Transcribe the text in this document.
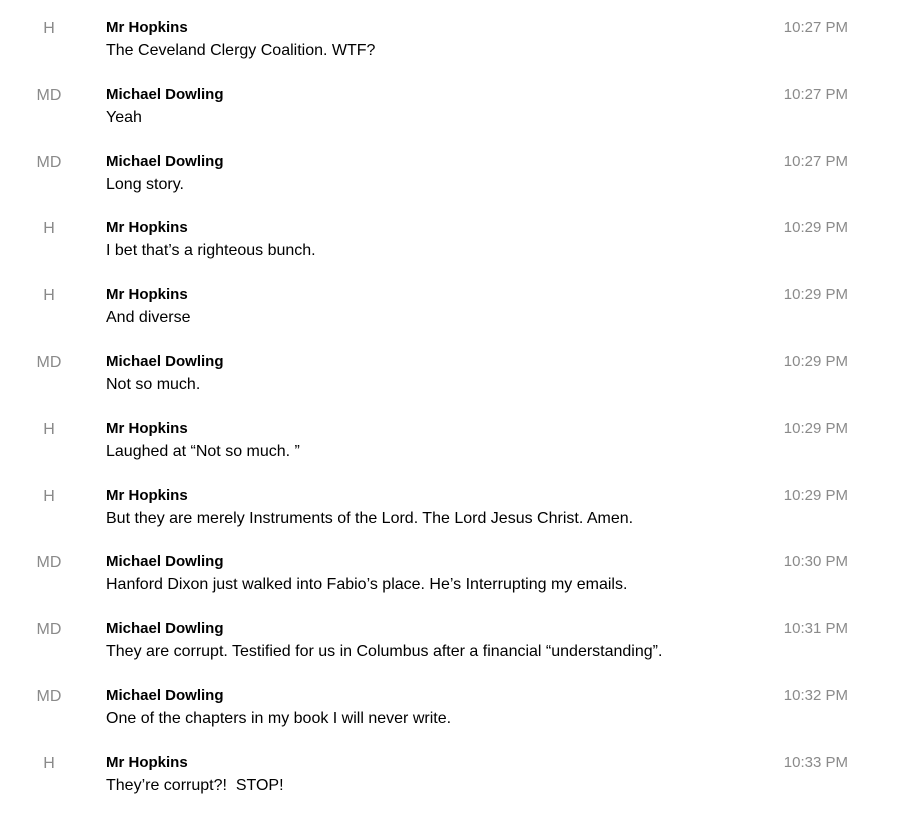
H	Mr Hopkins	10:27 PM
The Ceveland Clergy Coalition. WTF?
MD	Michael Dowling	10:27 PM
Yeah
MD	Michael Dowling	10:27 PM
Long story.
H	Mr Hopkins	10:29 PM
I bet that’s a righteous bunch.
H	Mr Hopkins	10:29 PM
And diverse
MD	Michael Dowling	10:29 PM
Not so much.
H	Mr Hopkins	10:29 PM
Laughed at “Not so much. ”
H	Mr Hopkins	10:29 PM
But they are merely Instruments of the Lord. The Lord Jesus Christ. Amen.
MD	Michael Dowling	10:30 PM
Hanford Dixon just walked into Fabio’s place. He’s Interrupting my emails.
MD	Michael Dowling	10:31 PM
They are corrupt. Testified for us in Columbus after a financial “understanding”.
MD	Michael Dowling	10:32 PM
One of the chapters in my book I will never write.
H	Mr Hopkins	10:33 PM
They’re corrupt?!  STOP!
